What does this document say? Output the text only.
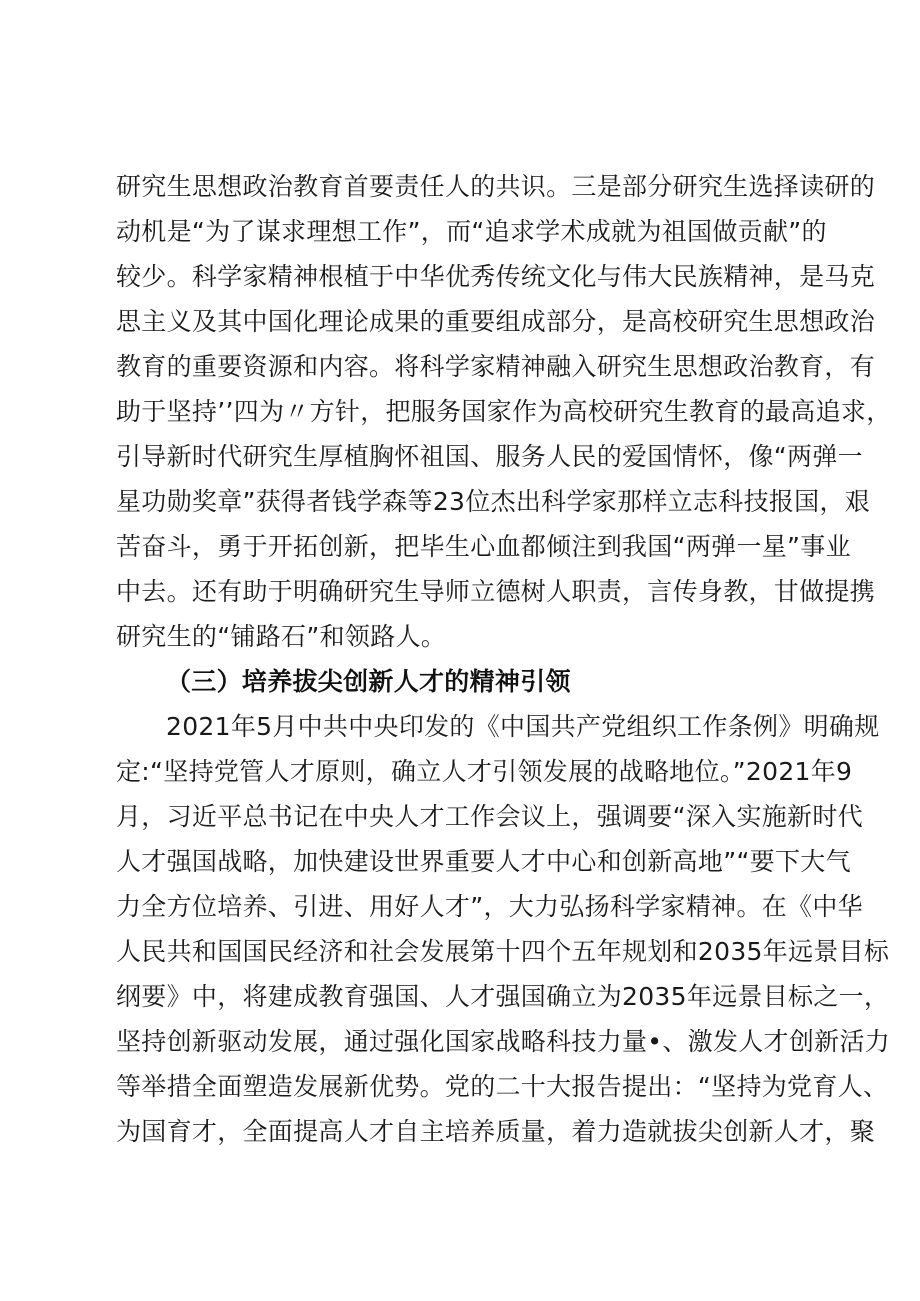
研究生思想政治教育首要责任人的共识。三是部分研究生选择读研的
动机是“为了谋求理想工作”，而“追求学术成就为祖国做贡献”的
较少。科学家精神根植于中华优秀传统文化与伟大民族精神，是马克
思主义及其中国化理论成果的重要组成部分，是高校研究生思想政治
教育的重要资源和内容。将科学家精神融入研究生思想政治教育，有
助于坚持’’四为〃方针，把服务国家作为高校研究生教育的最高追求，
引导新时代研究生厚植胸怀祖国、服务人民的爱国情怀，像“两弹一
星功勋奖章”获得者钱学森等23位杰出科学家那样立志科技报国，艰
苦奋斗，勇于开拓创新，把毕生心血都倾注到我国“两弹一星”事业
中去。还有助于明确研究生导师立德树人职责，言传身教，甘做提携
研究生的“铺路石”和领路人。
（三）培养拔尖创新人才的精神引领
2021年5月中共中央印发的《中国共产党组织工作条例》明确规
定:“坚持党管人才原则，确立人才引领发展的战略地位。”2021年9
月，习近平总书记在中央人才工作会议上，强调要“深入实施新时代
人才强国战略，加快建设世界重要人才中心和创新高地”“要下大气
力全方位培养、引进、用好人才”，大力弘扬科学家精神。在《中华
人民共和国国民经济和社会发展第十四个五年规划和2035年远景目标
纲要》中，将建成教育强国、人才强国确立为2035年远景目标之一，
坚持创新驱动发展，通过强化国家战略科技力量•、激发人才创新活力
等举措全面塑造发展新优势。党的二十大报告提出：“坚持为党育人、
为国育才，全面提高人才自主培养质量，着力造就拔尖创新人才，聚
